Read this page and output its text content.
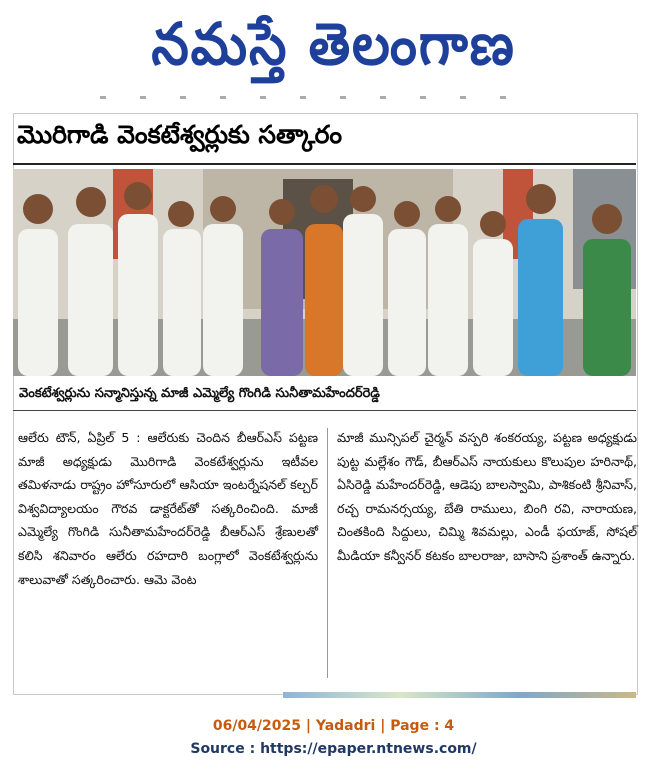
నమస్తే తెలంగాణ
మొరిగాడి వెంకటేశ్వర్లుకు సత్కారం
వెంకటేశ్వర్లును సన్మానిస్తున్న మాజీ ఎమ్మెల్యే గొంగిడి సునీతామహేందర్‌రెడ్డి

ఆలేరు టౌన్, ఏప్రిల్ 5 : ఆలేరుకు చెందిన బీఆర్ఎస్ పట్టణ మాజీ అధ్యక్షుడు మొరిగాడి వెంకటేశ్వర్లును ఇటీవల తమిళనాడు రాష్ట్రం హోసూరులో ఆసియా ఇంటర్నేషనల్ కల్చర్ విశ్వవిద్యాలయం గౌరవ డాక్టరేట్‌తో సత్కరించింది. మాజీ ఎమ్మెల్యే గొంగిడి సునీతామహేందర్‌రెడ్డి బీఆర్ఎస్ శ్రేణులతో కలిసి శనివారం ఆలేరు రహదారి బంగ్లాలో వెంకటేశ్వర్లును శాలువాతో సత్కరించారు. ఆమె వెంట

మాజీ మున్సిపల్ చైర్మన్ వస్పరి శంకరయ్య, పట్టణ అధ్యక్షుడు పుట్ట మల్లేశం గౌడ్, బీఆర్ఎస్ నాయకులు కొలుపుల హరినాథ్, ఏసిరెడ్డి మహేందర్‌రెడ్డి, ఆడెపు బాలస్వామి, పాశికంటి శ్రీనివాస్, రచ్చ రామనర్సయ్య, బేతి రాములు, బింగి రవి, నారాయణ, చింతకింది సిద్దులు, చిమ్మి శివమల్లు, ఎండీ ఫయాజ్, సోషల్ మీడియా కన్వీనర్ కటకం బాలరాజు, బాసాని ప్రశాంత్ ఉన్నారు.

06/04/2025 | Yadadri | Page : 4
Source : https://epaper.ntnews.com/
